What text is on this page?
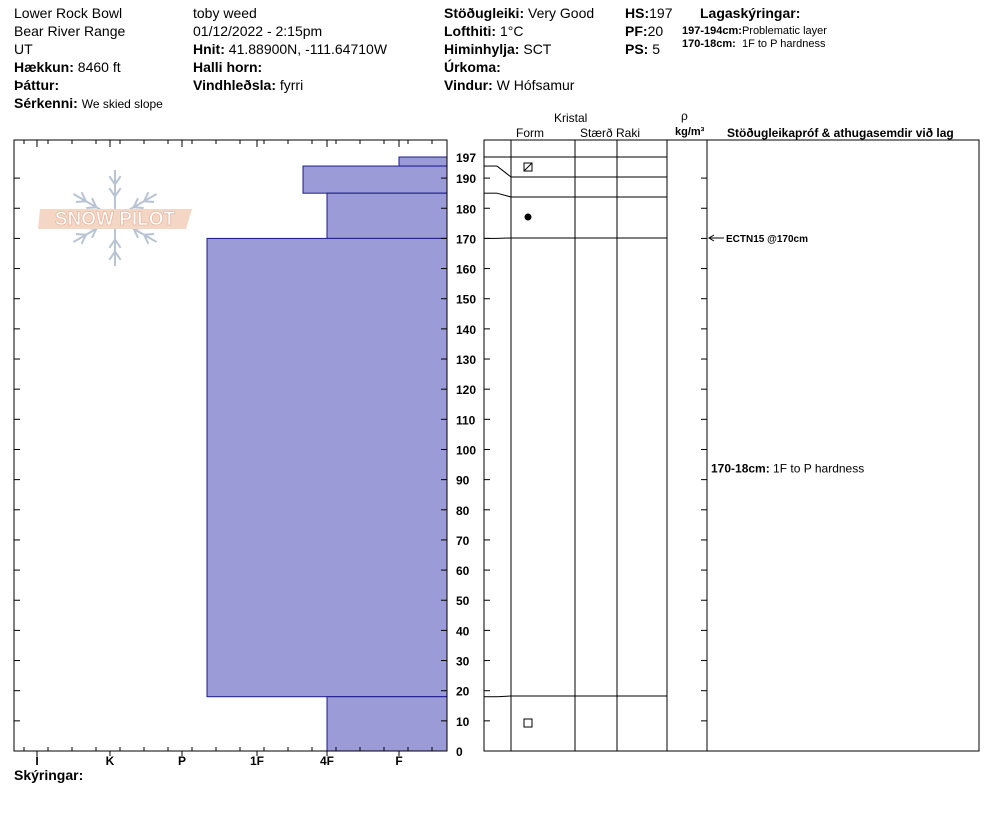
Lower Rock Bowl
Bear River Range
UT
Hækkun: 8460 ft
Þáttur:
Sérkenni: We skied slope
toby weed
01/12/2022 - 2:15pm
Hnit: 41.88900N, -111.64710W
Halli horn:
Vindhleðsla: fyrri
Stöðugleiki: Very Good
Lofthiti: 1°C
Himinhylja: SCT
Úrkoma:
Vindur: W Hófsamur
HS:197
PF:20
PS: 5
Lagaskýringar:
197-194cm:Problematic layer
170-18cm: 1F to P hardness
Kristal
Form	Stærð Raki
ρ
kg/m³ Stöðugleikapróf & athugasemdir við lag
SNOW PILOT
I	K	P	1F	4F	F
0
10
20
30
40
50
60
70
80
90
100
110
120
130
140
150
160
170
180
190
197
ECTN15 @170cm
170-18cm: 1F to P hardness
Skýringar:
